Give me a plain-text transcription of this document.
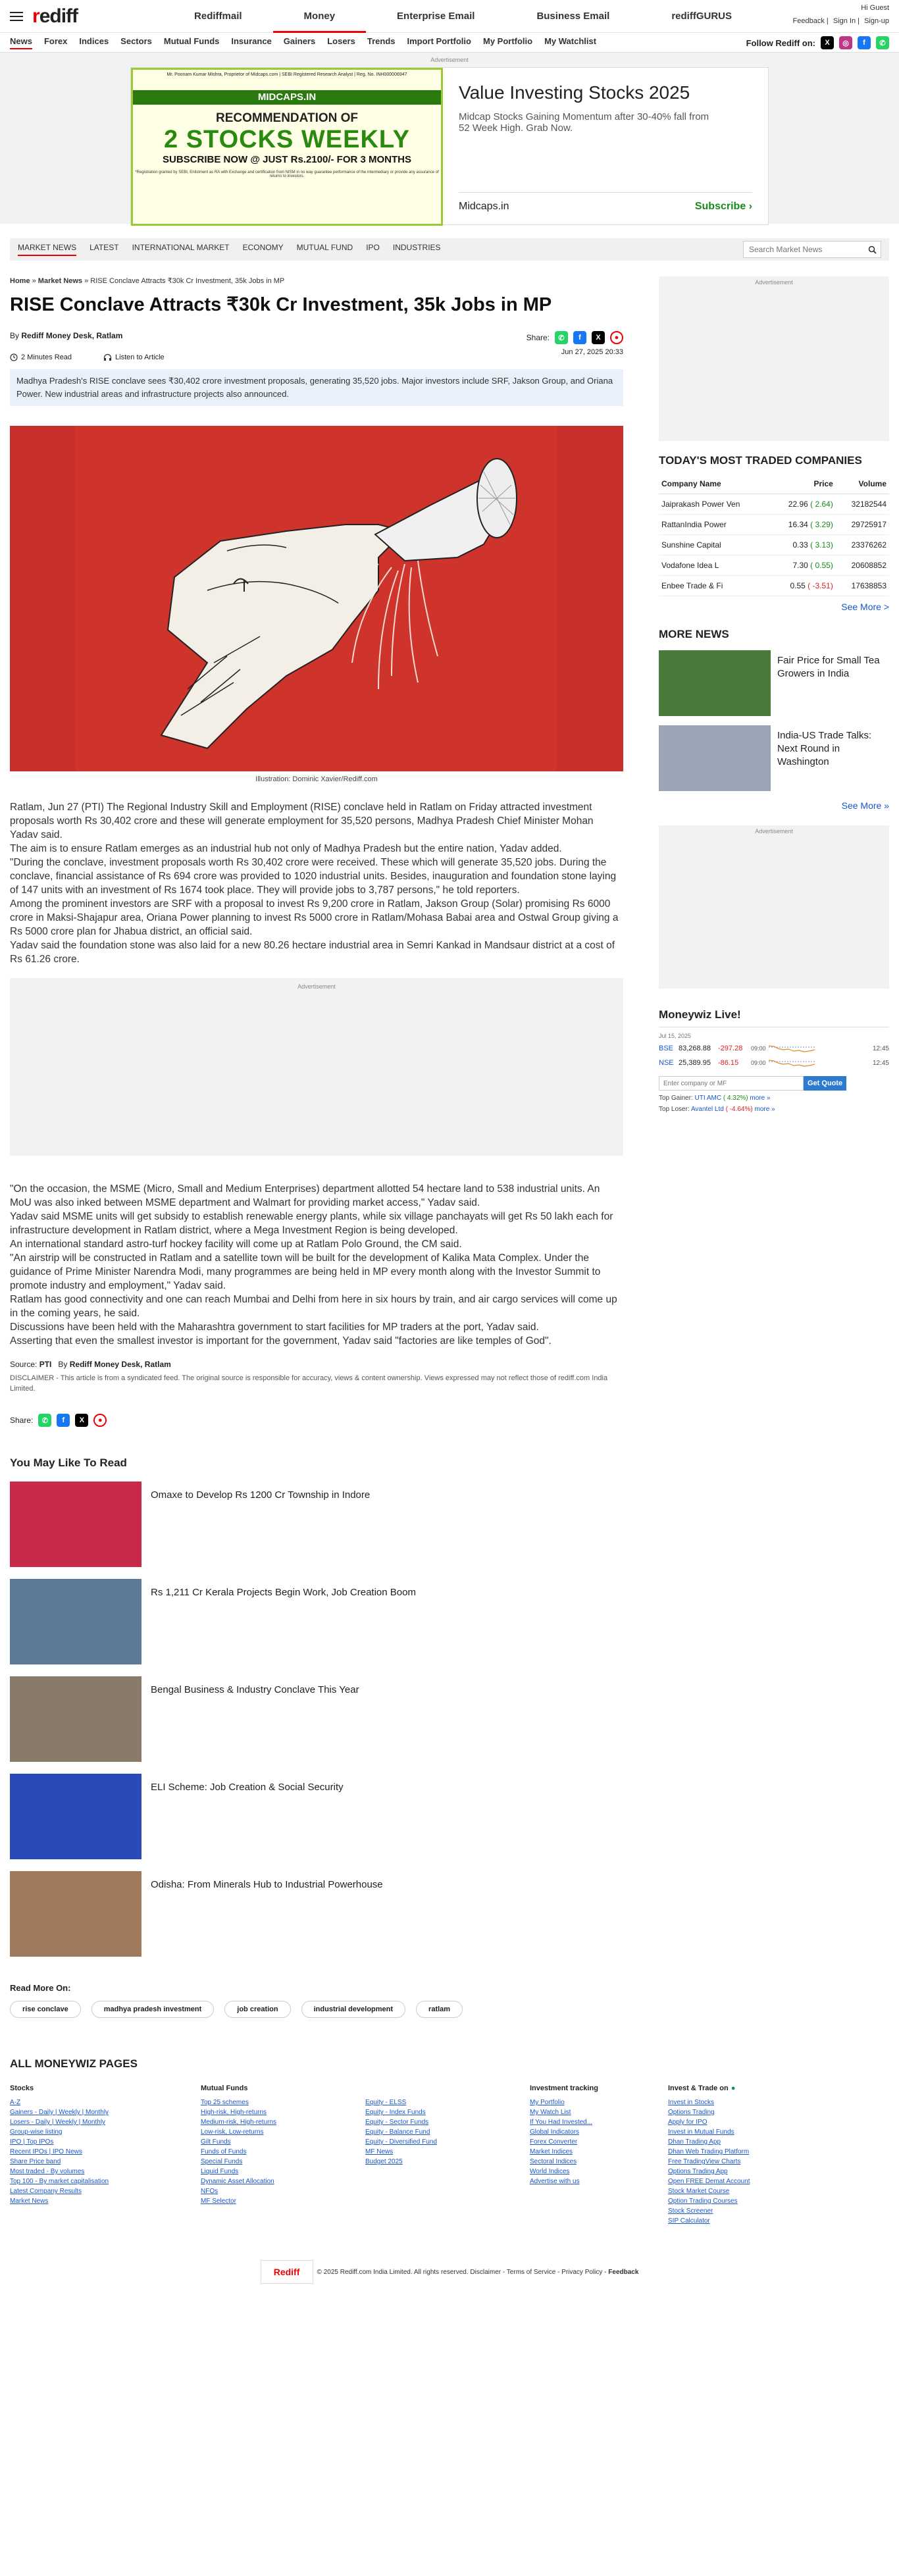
rediff	Rediffmail	Money	Enterprise Email	Business Email	rediffGURUS
Hi Guest
Feedback | Sign In | Sign-up
News Forex Indices Sectors Mutual Funds Insurance Gainers Losers Trends Import Portfolio My Portfolio My Watchlist	Follow Rediff on:	X	◎	f	✆
Advertisement
Mr. Poonam Kumar Mishra, Proprietor of Midcaps.com | SEBI Registered Research Analyst | Reg. No. INH000006947
MIDCAPS.IN
RECOMMENDATION OF
2 STOCKS WEEKLY
SUBSCRIBE NOW @ JUST Rs.2100/- FOR 3 MONTHS
*Registration granted by SEBI, Enlistment as RA with Exchange and certification from NISM in no way guarantee performance of the intermediary or provide any assurance of returns to investors.
Value Investing Stocks 2025
Midcap Stocks Gaining Momentum after 30-40% fall from 52 Week High. Grab Now.
Midcaps.in	Subscribe ›
MARKET NEWS LATEST INTERNATIONAL MARKET ECONOMY MUTUAL FUND IPO INDUSTRIES
Search Market News
Home » Market News » RISE Conclave Attracts ₹30k Cr Investment, 35k Jobs in MP
RISE Conclave Attracts ₹30k Cr Investment, 35k Jobs in MP
By Rediff Money Desk, Ratlam	Share:	✆	f	X	●
Jun 27, 2025 20:33
2 Minutes Read	Listen to Article
Madhya Pradesh's RISE conclave sees ₹30,402 crore investment proposals, generating 35,520 jobs. Major investors include SRF, Jakson Group, and Oriana Power. New industrial areas and infrastructure projects also announced.
Illustration: Dominic Xavier/Rediff.com

Ratlam, Jun 27 (PTI) The Regional Industry Skill and Employment (RISE) conclave held in Ratlam on Friday attracted investment proposals worth Rs 30,402 crore and these will generate employment for 35,520 persons, Madhya Pradesh Chief Minister Mohan Yadav said.

The aim is to ensure Ratlam emerges as an industrial hub not only of Madhya Pradesh but the entire nation, Yadav added.

"During the conclave, investment proposals worth Rs 30,402 crore were received. These which will generate 35,520 jobs. During the conclave, financial assistance of Rs 694 crore was provided to 1020 industrial units. Besides, inauguration and foundation stone laying of 147 units with an investment of Rs 1674 took place. They will provide jobs to 3,787 persons," he told reporters.

Among the prominent investors are SRF with a proposal to invest Rs 9,200 crore in Ratlam, Jakson Group (Solar) promising Rs 6000 crore in Maksi-Shajapur area, Oriana Power planning to invest Rs 5000 crore in Ratlam/Mohasa Babai area and Ostwal Group giving a Rs 5000 crore plan for Jhabua district, an official said.

Yadav said the foundation stone was also laid for a new 80.26 hectare industrial area in Semri Kankad in Mandsaur district at a cost of Rs 61.26 crore.

Advertisement

"On the occasion, the MSME (Micro, Small and Medium Enterprises) department allotted 54 hectare land to 538 industrial units. An MoU was also inked between MSME department and Walmart for providing market access," Yadav said.

Yadav said MSME units will get subsidy to establish renewable energy plants, while six village panchayats will get Rs 50 lakh each for infrastructure development in Ratlam district, where a Mega Investment Region is being developed.

An international standard astro-turf hockey facility will come up at Ratlam Polo Ground, the CM said.

"An airstrip will be constructed in Ratlam and a satellite town will be built for the development of Kalika Mata Complex. Under the guidance of Prime Minister Narendra Modi, many programmes are being held in MP every month along with the Investor Summit to promote industry and employment," Yadav said.

Ratlam has good connectivity and one can reach Mumbai and Delhi from here in six hours by train, and air cargo services will come up in the coming years, he said.

Discussions have been held with the Maharashtra government to start facilities for MP traders at the port, Yadav said.

Asserting that even the smallest investor is important for the government, Yadav said "factories are like temples of God".

Source: PTI By Rediff Money Desk, Ratlam
DISCLAIMER - This article is from a syndicated feed. The original source is responsible for accuracy, views & content ownership. Views expressed may not reflect those of rediff.com India Limited.
Share:	✆	f	X	●
You May Like To Read
Omaxe to Develop Rs 1200 Cr Township in Indore
Rs 1,211 Cr Kerala Projects Begin Work, Job Creation Boom
Bengal Business & Industry Conclave This Year
ELI Scheme: Job Creation & Social Security
Odisha: From Minerals Hub to Industrial Powerhouse
Read More On:
rise conclave	madhya pradesh investment	job creation	industrial development	ratlam
Advertisement
TODAY'S MOST TRADED COMPANIES
Company Name	Price	Volume
Jaiprakash Power Ven	22.96 ( 2.64)	32182544
RattanIndia Power	16.34 ( 3.29)	29725917
Sunshine Capital	0.33 ( 3.13)	23376262
Vodafone Idea L	7.30 ( 0.55)	20608852
Enbee Trade & Fi	0.55 ( -3.51)	17638853
See More >
MORE NEWS
Fair Price for Small Tea Growers in India
India-US Trade Talks: Next Round in Washington
See More »
Advertisement
Moneywiz Live!
Jul 15, 2025
BSE 83,268.88	-297.28 09:00	12:45
NSE 25,389.95	-86.15	09:00	12:45
Enter company or MF
Get Quote
Top Gainer: UTI AMC ( 4.32%) more »
Top Loser: Avantel Ltd ( -4.64%) more »
ALL MONEYWIZ PAGES
Stocks
A-Z
Gainers - Daily | Weekly | Monthly
Losers - Daily | Weekly | Monthly
Group-wise listing
IPO | Top IPOs
Recent IPOs | IPO News
Share Price band
Most traded - By volumes
Top 100 - By market capitalisation
Latest Company Results
Market News
Mutual Funds
Top 25 schemes
High-risk, High-returns
Medium-risk, High-returns
Low-risk, Low-returns
Gilt Funds
Funds of Funds
Special Funds
Liquid Funds
Dynamic Asset Allocation
NFOs
MF Selector
Equity - ELSS
Equity - Index Funds
Equity - Sector Funds
Equity - Balance Fund
Equity - Diversified Fund
MF News
Budget 2025
Investment tracking
My Portfolio
My Watch List
If You Had Invested...
Global Indicators
Forex Converter
Market Indices
Sectoral Indices
World Indices
Advertise with us
Invest & Trade on ●
Invest in Stocks
Options Trading
Apply for IPO
Invest in Mutual Funds
Dhan Trading App
Dhan Web Trading Platform
Free TradingView Charts
Options Trading App
Open FREE Demat Account
Stock Market Course
Option Trading Courses
Stock Screener
SIP Calculator
Rediff	© 2025 Rediff.com India Limited. All rights reserved.
Disclaimer - Terms of Service - Privacy Policy -
Feedback
